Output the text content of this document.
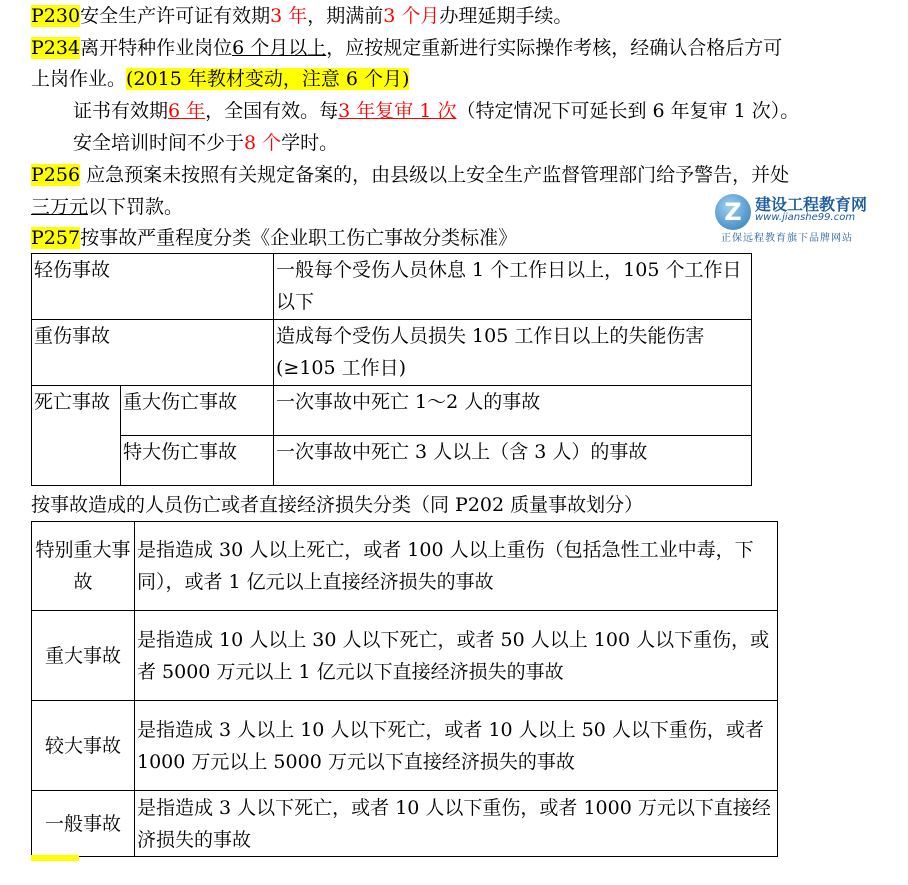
P230安全生产许可证有效期3 年，期满前3 个月办理延期手续。
P234离开特种作业岗位6 个月以上，应按规定重新进行实际操作考核，经确认合格后方可
上岗作业。(2015 年教材变动，注意 6 个月)
证书有效期6 年，全国有效。每3 年复审 1 次（特定情况下可延长到 6 年复审 1 次）。
安全培训时间不少于8 个学时。
P256 应急预案未按照有关规定备案的，由县级以上安全生产监督管理部门给予警告，并处
三万元以下罚款。	Z 建设工程教育网
www.jianshe99.com
正保远程教育旗下品牌网站
P257按事故严重程度分类《企业职工伤亡事故分类标准》
轻伤事故		一般每个受伤人员休息 1 个工作日以上，105 个工作日以下
重伤事故		造成每个受伤人员损失 105 工作日以上的失能伤害(≥105 工作日)
死亡事故	重大伤亡事故	一次事故中死亡 1～2 人的事故
	特大伤亡事故	一次事故中死亡 3 人以上（含 3 人）的事故
按事故造成的人员伤亡或者直接经济损失分类（同 P202 质量事故划分）
特别重大事故	是指造成 30 人以上死亡，或者 100 人以上重伤（包括急性工业中毒，下同），或者 1 亿元以上直接经济损失的事故
重大事故	是指造成 10 人以上 30 人以下死亡，或者 50 人以上 100 人以下重伤，或者 5000 万元以上 1 亿元以下直接经济损失的事故
较大事故	是指造成 3 人以上 10 人以下死亡，或者 10 人以上 50 人以下重伤，或者 1000 万元以上 5000 万元以下直接经济损失的事故
一般事故	是指造成 3 人以下死亡，或者 10 人以下重伤，或者 1000 万元以下直接经济损失的事故
